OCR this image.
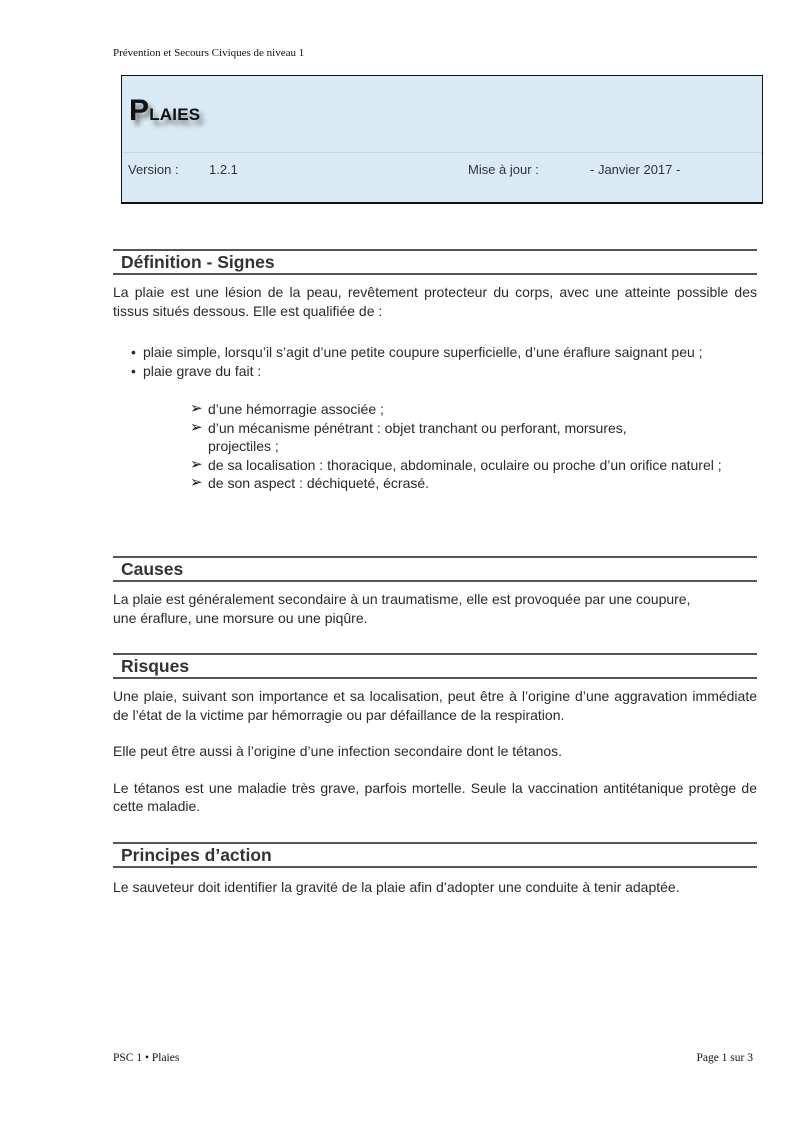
Prévention et Secours Civiques de niveau 1
Plaies
Version : 1.2.1	Mise à jour :	- Janvier 2017 -
Définition - Signes

La plaie est une lésion de la peau, revêtement protecteur du corps, avec une atteinte possible des tissus situés dessous. Elle est qualifiée de :

• plaie simple, lorsqu’il s’agit d’une petite coupure superficielle, d’une éraflure saignant peu ;
• plaie grave du fait :
➢ d’une hémorragie associée ;
➢ d’un mécanisme pénétrant : objet tranchant ou perforant, morsures, projectiles ;
➢ de sa localisation : thoracique, abdominale, oculaire ou proche d’un orifice naturel ;
➢ de son aspect : déchiqueté, écrasé.
Causes

La plaie est généralement secondaire à un traumatisme, elle est provoquée par une coupure, une éraflure, une morsure ou une piqûre.

Risques

Une plaie, suivant son importance et sa localisation, peut être à l’origine d’une aggravation immédiate de l’état de la victime par hémorragie ou par défaillance de la respiration.

Elle peut être aussi à l’origine d’une infection secondaire dont le tétanos.

Le tétanos est une maladie très grave, parfois mortelle. Seule la vaccination antitétanique protège de cette maladie.

Principes d’action

Le sauveteur doit identifier la gravité de la plaie afin d’adopter une conduite à tenir adaptée.

PSC 1 • Plaies	Page 1 sur 3
